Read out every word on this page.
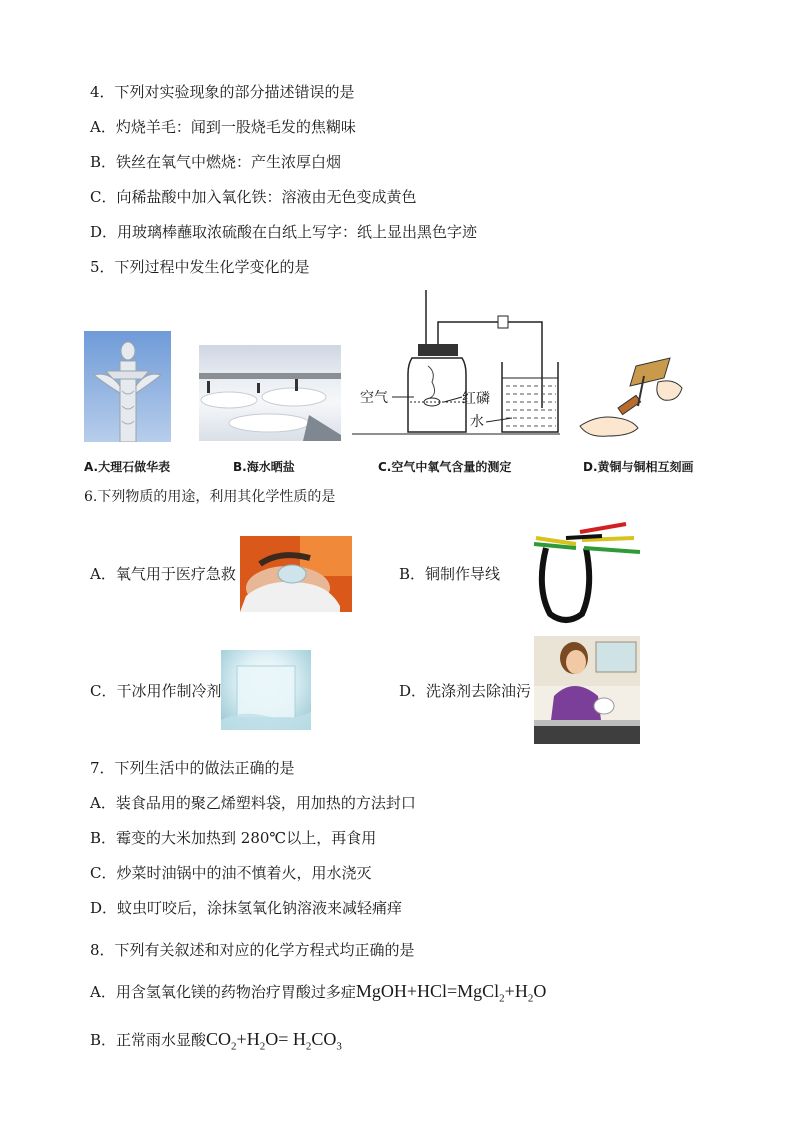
4．下列对实验现象的部分描述错误的是
A．灼烧羊毛：闻到一股烧毛发的焦糊味
B．铁丝在氧气中燃烧：产生浓厚白烟
C．向稀盐酸中加入氧化铁：溶液由无色变成黄色
D．用玻璃棒蘸取浓硫酸在白纸上写字：纸上显出黑色字迹
5．下列过程中发生化学变化的是
空气	红磷
水
A.大理石做华表	B.海水晒盐	C.空气中氧气含量的测定	D.黄铜与铜相互刻画
6.下列物质的用途，利用其化学性质的是
A．氧气用于医疗急救	B．铜制作导线
C．干冰用作制冷剂	D．洗涤剂去除油污
7．下列生活中的做法正确的是
A．装食品用的聚乙烯塑料袋，用加热的方法封口
B．霉变的大米加热到 280℃以上，再食用
C．炒菜时油锅中的油不慎着火，用水浇灭
D．蚊虫叮咬后，涂抹氢氧化钠溶液来减轻痛痒
8．下列有关叙述和对应的化学方程式均正确的是
A．用含氢氧化镁的药物治疗胃酸过多症$MgOH+HCl=MgCl_2+H_2O$
B．正常雨水显酸$CO_2+H_2O= H_2CO_3$
